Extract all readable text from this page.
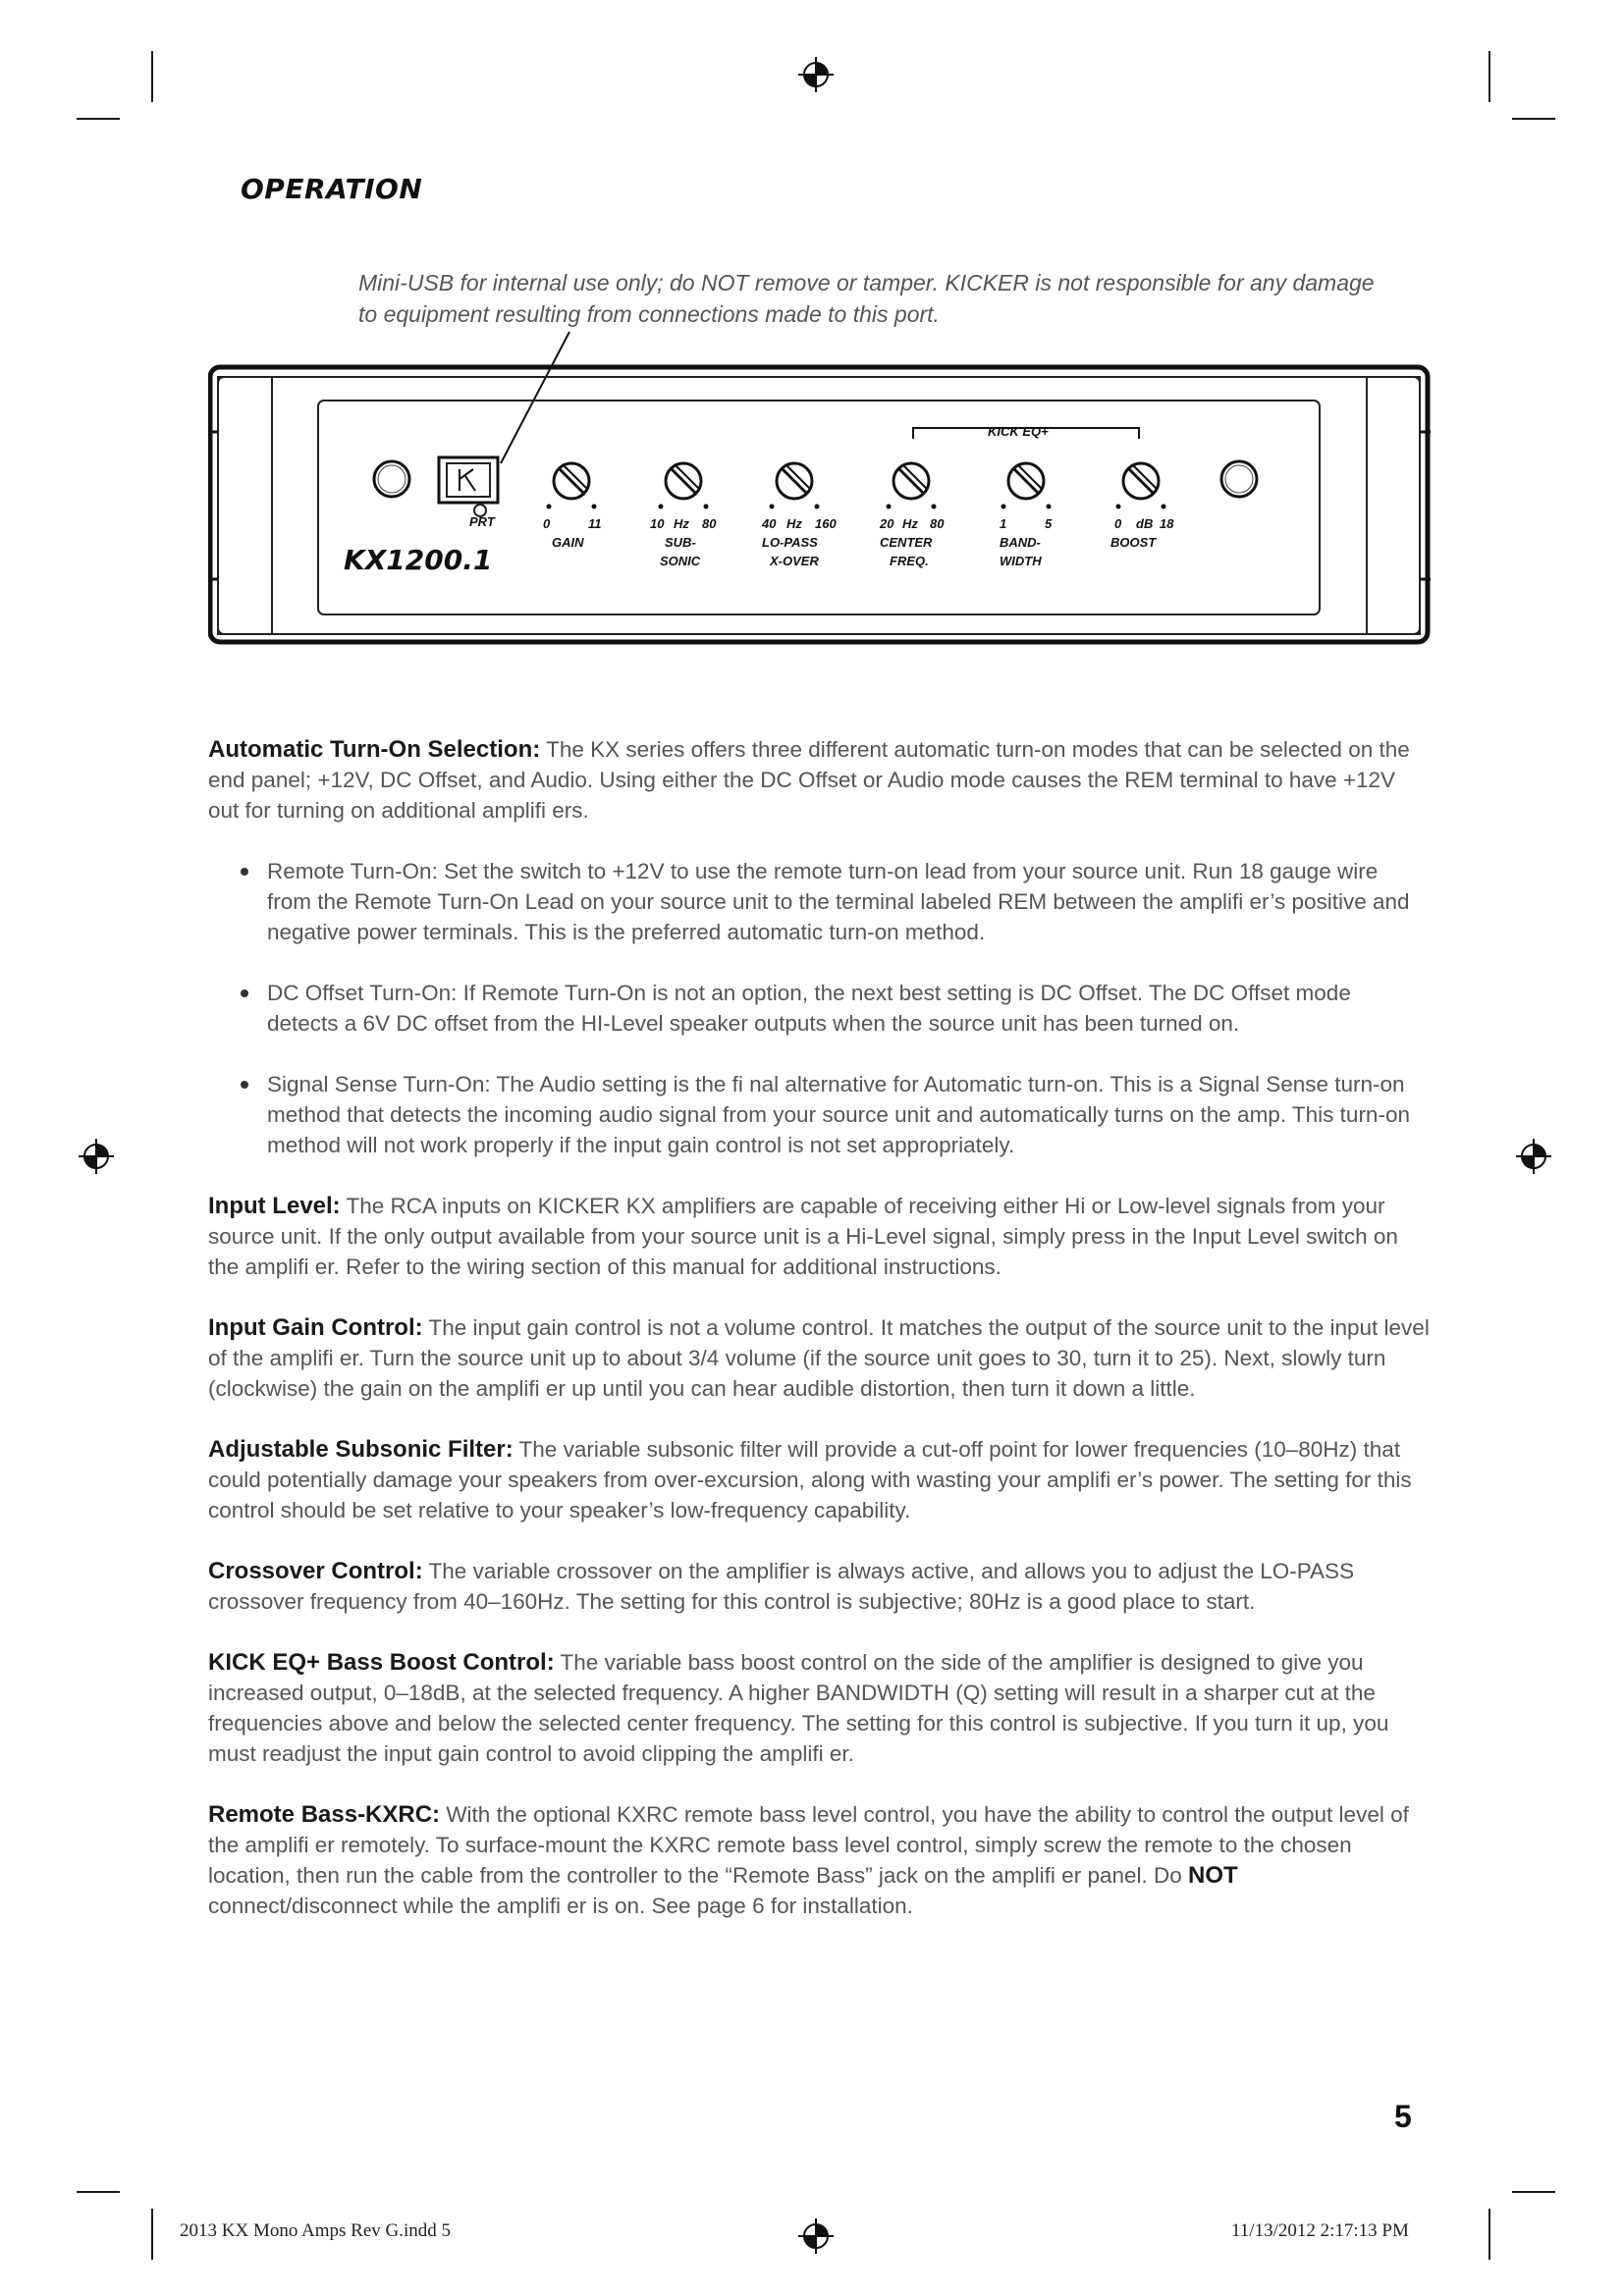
OPERATION
Mini-USB for internal use only; do NOT remove or tamper. KICKER is not responsible for any damage to equipment resulting from connections made to this port.
KICK EQ+
PRT
KX1200.1
0	11
GAIN
10 Hz 80
SUB-
SONIC
40 Hz 160
LO-PASS
X-OVER
20 Hz 80
CENTER
FREQ.
1	5
BAND-
WIDTH
0 dB 18
BOOST

Automatic Turn-On Selection: The KX series offers three different automatic turn-on modes that can be selected on the end panel; +12V, DC Offset, and Audio. Using either the DC Offset or Audio mode causes the REM terminal to have +12V out for turning on additional amplifi ers.

Remote Turn-On: Set the switch to +12V to use the remote turn-on lead from your source unit. Run 18 gauge wire from the Remote Turn-On Lead on your source unit to the terminal labeled REM between the amplifi er’s positive and negative power terminals. This is the preferred automatic turn-on method.
DC Offset Turn-On: If Remote Turn-On is not an option, the next best setting is DC Offset. The DC Offset mode detects a 6V DC offset from the HI-Level speaker outputs when the source unit has been turned on.
Signal Sense Turn-On: The Audio setting is the fi nal alternative for Automatic turn-on. This is a Signal Sense turn-on method that detects the incoming audio signal from your source unit and automatically turns on the amp. This turn-on method will not work properly if the input gain control is not set appropriately.

Input Level: The RCA inputs on KICKER KX amplifiers are capable of receiving either Hi or Low-level signals from your source unit. If the only output available from your source unit is a Hi-Level signal, simply press in the Input Level switch on the amplifi er. Refer to the wiring section of this manual for additional instructions.

Input Gain Control: The input gain control is not a volume control. It matches the output of the source unit to the input level of the amplifi er. Turn the source unit up to about 3/4 volume (if the source unit goes to 30, turn it to 25). Next, slowly turn (clockwise) the gain on the amplifi er up until you can hear audible distortion, then turn it down a little.

Adjustable Subsonic Filter: The variable subsonic filter will provide a cut-off point for lower frequencies (10–80Hz) that could potentially damage your speakers from over-excursion, along with wasting your amplifi er’s power. The setting for this control should be set relative to your speaker’s low-frequency capability.

Crossover Control: The variable crossover on the amplifier is always active, and allows you to adjust the LO-PASS crossover frequency from 40–160Hz. The setting for this control is subjective; 80Hz is a good place to start.

KICK EQ+ Bass Boost Control: The variable bass boost control on the side of the amplifier is designed to give you increased output, 0–18dB, at the selected frequency. A higher BANDWIDTH (Q) setting will result in a sharper cut at the frequencies above and below the selected center frequency. The setting for this control is subjective. If you turn it up, you must readjust the input gain control to avoid clipping the amplifi er.

Remote Bass-KXRC: With the optional KXRC remote bass level control, you have the ability to control the output level of the amplifi er remotely. To surface-mount the KXRC remote bass level control, simply screw the remote to the chosen location, then run the cable from the controller to the “Remote Bass” jack on the amplifi er panel. Do NOT connect/disconnect while the amplifi er is on. See page 6 for installation.

5
2013 KX Mono Amps Rev G.indd 5	11/13/2012 2:17:13 PM
